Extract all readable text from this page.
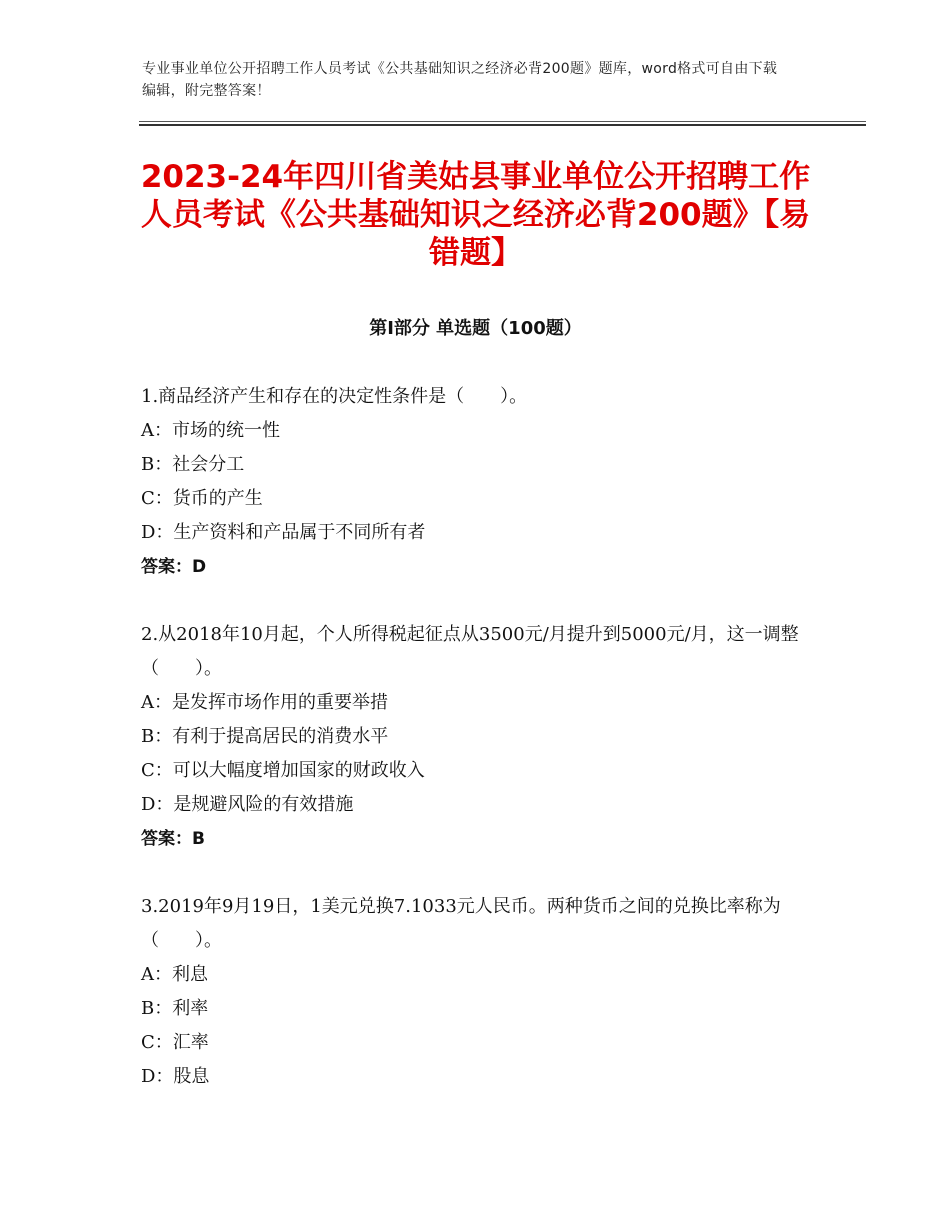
专业事业单位公开招聘工作人员考试《公共基础知识之经济必背200题》题库，word格式可自由下载编辑，附完整答案！
2023-24年四川省美姑县事业单位公开招聘工作人员考试《公共基础知识之经济必背200题》【易错题】
第Ⅰ部分 单选题（100题）

1.商品经济产生和存在的决定性条件是（　　）。

A：市场的统一性

B：社会分工

C：货币的产生

D：生产资料和产品属于不同所有者

答案：D

2.从2018年10月起，个人所得税起征点从3500元/月提升到5000元/月，这一调整（　　）。

A：是发挥市场作用的重要举措

B：有利于提高居民的消费水平

C：可以大幅度增加国家的财政收入

D：是规避风险的有效措施

答案：B

3.2019年9月19日，1美元兑换7.1033元人民币。两种货币之间的兑换比率称为（　　）。

A：利息

B：利率

C：汇率

D：股息
